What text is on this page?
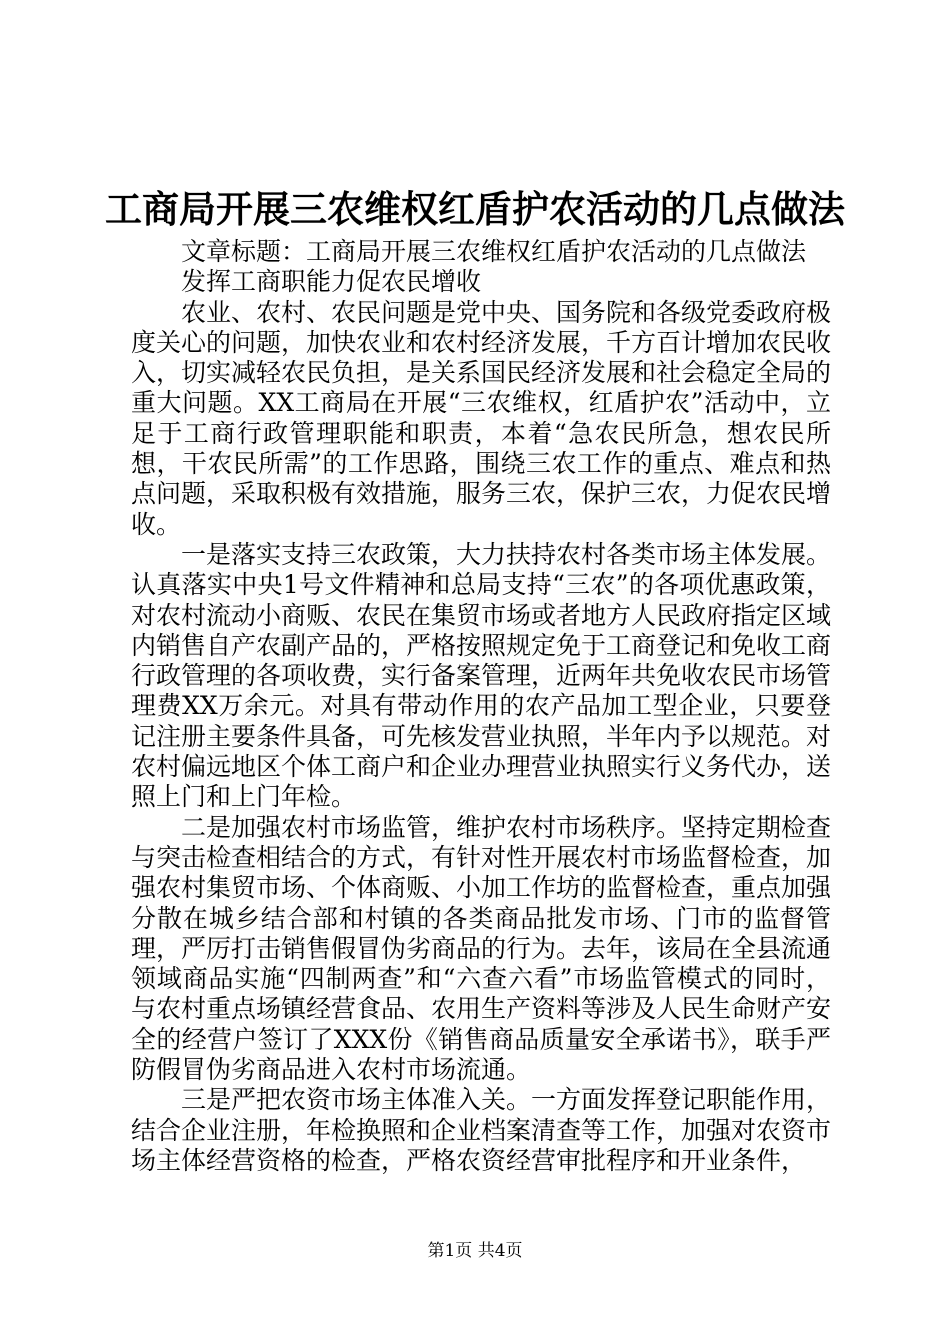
工商局开展三农维权红盾护农活动的几点做法

文章标题：工商局开展三农维权红盾护农活动的几点做法

发挥工商职能力促农民增收

农业、农村、农民问题是党中央、国务院和各级党委政府极度关心的问题，加快农业和农村经济发展，千方百计增加农民收入，切实减轻农民负担，是关系国民经济发展和社会稳定全局的重大问题。XX工商局在开展“三农维权，红盾护农”活动中，立足于工商行政管理职能和职责，本着“急农民所急，想农民所想，干农民所需”的工作思路，围绕三农工作的重点、难点和热点问题，采取积极有效措施，服务三农，保护三农，力促农民增收。

一是落实支持三农政策，大力扶持农村各类市场主体发展。认真落实中央1号文件精神和总局支持“三农”的各项优惠政策，对农村流动小商贩、农民在集贸市场或者地方人民政府指定区域内销售自产农副产品的，严格按照规定免于工商登记和免收工商行政管理的各项收费，实行备案管理，近两年共免收农民市场管理费XX万余元。对具有带动作用的农产品加工型企业，只要登记注册主要条件具备，可先核发营业执照，半年内予以规范。对农村偏远地区个体工商户和企业办理营业执照实行义务代办，送照上门和上门年检。

二是加强农村市场监管，维护农村市场秩序。坚持定期检查与突击检查相结合的方式，有针对性开展农村市场监督检查，加强农村集贸市场、个体商贩、小加工作坊的监督检查，重点加强分散在城乡结合部和村镇的各类商品批发市场、门市的监督管理，严厉打击销售假冒伪劣商品的行为。去年，该局在全县流通领域商品实施“四制两查”和“六查六看”市场监管模式的同时，与农村重点场镇经营食品、农用生产资料等涉及人民生命财产安全的经营户签订了XXX份《销售商品质量安全承诺书》，联手严防假冒伪劣商品进入农村市场流通。

三是严把农资市场主体准入关。一方面发挥登记职能作用，结合企业注册，年检换照和企业档案清查等工作，加强对农资市场主体经营资格的检查，严格农资经营审批程序和开业条件，

第1页 共4页
